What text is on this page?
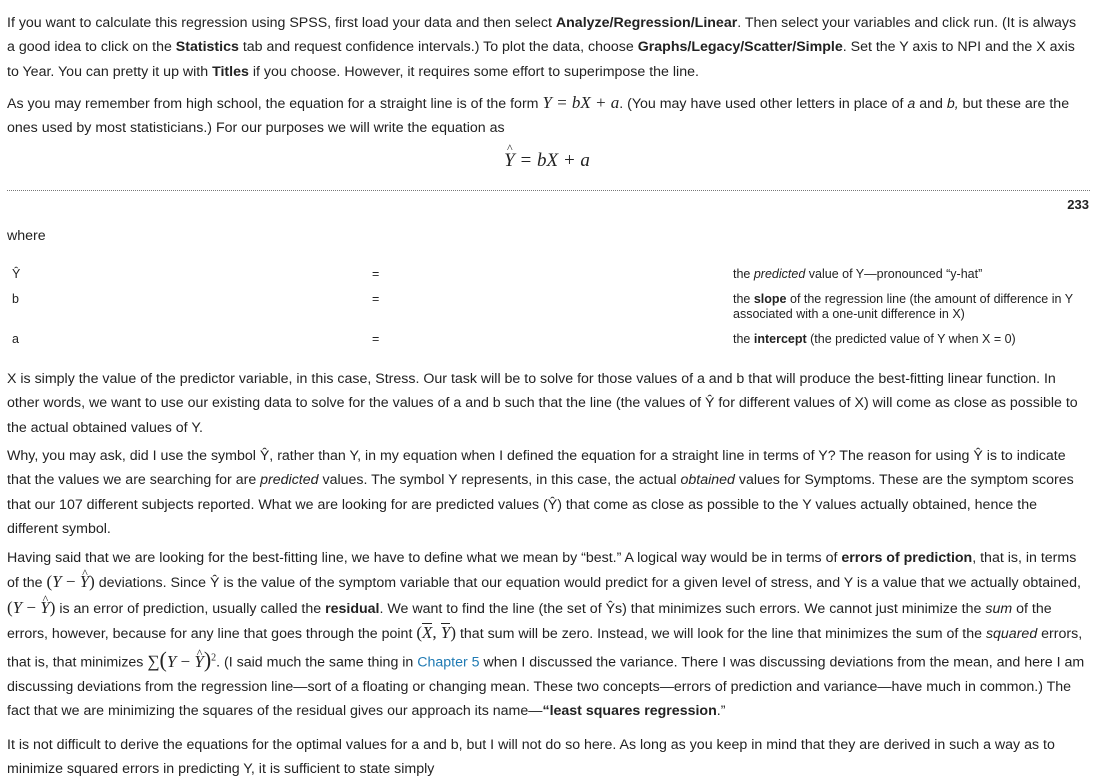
If you want to calculate this regression using SPSS, first load your data and then select Analyze/Regression/Linear. Then select your variables and click run. (It is always a good idea to click on the Statistics tab and request confidence intervals.) To plot the data, choose Graphs/Legacy/Scatter/Simple. Set the Y axis to NPI and the X axis to Year. You can pretty it up with Titles if you choose. However, it requires some effort to superimpose the line.

As you may remember from high school, the equation for a straight line is of the form Y = bX + a. (You may have used other letters in place of a and b, but these are the ones used by most statisticians.) For our purposes we will write the equation as

^ Y = bX + a
233
where
Ŷ	=	the predicted value of Y—pronounced “y-hat”
b	=	the slope of the regression line (the amount of difference in Y associated with a one-unit difference in X)
a	=	the intercept (the predicted value of Y when X = 0)

X is simply the value of the predictor variable, in this case, Stress. Our task will be to solve for those values of a and b that will produce the best-fitting linear function. In other words, we want to use our existing data to solve for the values of a and b such that the line (the values of Ŷ for different values of X) will come as close as possible to the actual obtained values of Y.

Why, you may ask, did I use the symbol Ŷ, rather than Y, in my equation when I defined the equation for a straight line in terms of Y? The reason for using Ŷ is to indicate that the values we are searching for are predicted values. The symbol Y represents, in this case, the actual obtained values for Symptoms. These are the symptom scores that our 107 different subjects reported. What we are looking for are predicted values (Ŷ) that come as close as possible to the Y values actually obtained, hence the different symbol.

Having said that we are looking for the best-fitting line, we have to define what we mean by “best.” A logical way would be in terms of errors of prediction, that is, in terms of the (Y − ^ Y) deviations. Since Ŷ is the value of the symptom variable that our equation would predict for a given level of stress, and Y is a value that we actually obtained, (Y − ^ Y) is an error of prediction, usually called the residual. We want to find the line (the set of Ŷs) that minimizes such errors. We cannot just minimize the sum of the errors, however, because for any line that goes through the point (X, Y) that sum will be zero. Instead, we will look for the line that minimizes the sum of the squared errors, that is, that minimizes ∑(Y − ^ Y)$^2$. (I said much the same thing in Chapter 5 when I discussed the variance. There I was discussing deviations from the mean, and here I am discussing deviations from the regression line—sort of a floating or changing mean. These two concepts—errors of prediction and variance—have much in common.) The fact that we are minimizing the squares of the residual gives our approach its name—“least squares regression.”

It is not difficult to derive the equations for the optimal values for a and b, but I will not do so here. As long as you keep in mind that they are derived in such a way as to minimize squared errors in predicting Y, it is sufficient to state simply
